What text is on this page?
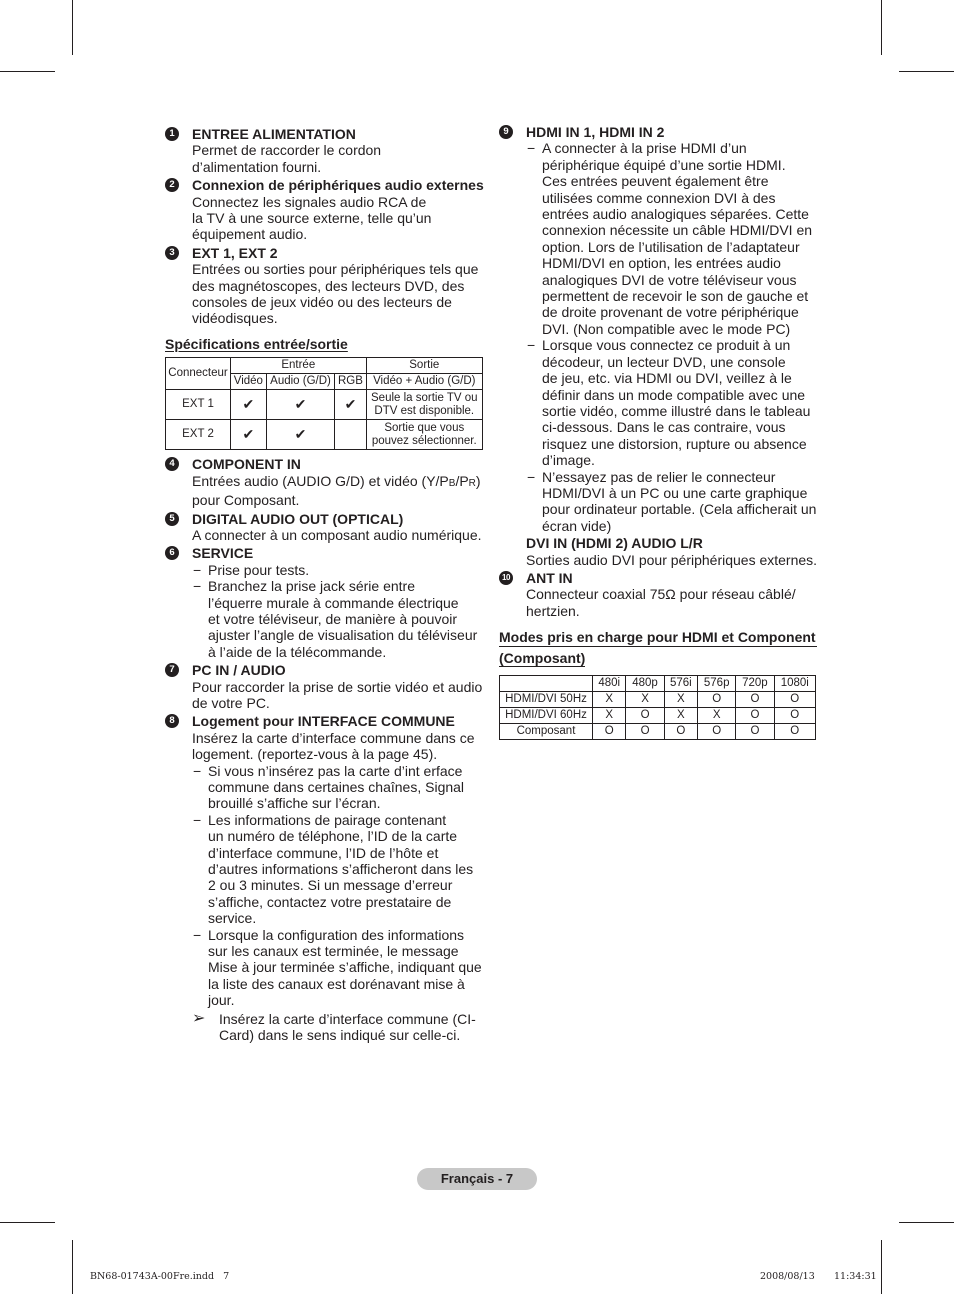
1	ENTREE ALIMENTATION
Permet de raccorder le cordon
d’alimentation fourni.
2	Connexion de périphériques audio externes
Connectez les signales audio RCA de
la TV à une source externe, telle qu’un
équipement audio.
3	EXT 1, EXT 2
Entrées ou sorties pour périphériques tels que
des magnétoscopes, des lecteurs DVD, des
consoles de jeux vidéo ou des lecteurs de
vidéodisques.
Spécifications entrée/sortie
Connecteur	Entrée			Sortie
	Vidéo	Audio (G/D)	RGB	Vidéo + Audio (G/D)
EXT 1	✔	✔	✔	Seule la sortie TV ou
DTV est disponible.

EXT 2	✔	✔		Sortie que vous
pouvez sélectionner.
4	COMPONENT IN
Entrées audio (AUDIO G/D) et vidéo (Y/PB/PR)
pour Composant.
5	DIGITAL AUDIO OUT (OPTICAL)
A connecter à un composant audio numérique.
6	SERVICE
− Prise pour tests.
− Branchez la prise jack série entre
l’équerre murale à commande électrique
et votre téléviseur, de manière à pouvoir
ajuster l’angle de visualisation du téléviseur
à l’aide de la télécommande.
7	PC IN / AUDIO
Pour raccorder la prise de sortie vidéo et audio
de votre PC.
8	Logement pour INTERFACE COMMUNE
Insérez la carte d’interface commune dans ce
logement. (reportez-vous à la page 45).
− Si vous n’insérez pas la carte d’int erface
commune dans certaines chaînes, Signal
brouillé s’affiche sur l’écran.
− Les informations de pairage contenant
un numéro de téléphone, l’ID de la carte
d’interface commune, l’ID de l’hôte et
d’autres informations s’afficheront dans les
2 ou 3 minutes. Si un message d’erreur
s’affiche, contactez votre prestataire de
service.
− Lorsque la configuration des informations
sur les canaux est terminée, le message
Mise à jour terminée s’affiche, indiquant que
la liste des canaux est dorénavant mise à
jour.
➢ Insérez la carte d’interface commune (CI-
Card) dans le sens indiqué sur celle-ci.
9	HDMI IN 1, HDMI IN 2
− A connecter à la prise HDMI d’un
périphérique équipé d’une sortie HDMI.
Ces entrées peuvent également être
utilisées comme connexion DVI à des
entrées audio analogiques séparées. Cette
connexion nécessite un câble HDMI/DVI en
option. Lors de l’utilisation de l’adaptateur
HDMI/DVI en option, les entrées audio
analogiques DVI de votre téléviseur vous
permettent de recevoir le son de gauche et
de droite provenant de votre périphérique
DVI. (Non compatible avec le mode PC)
− Lorsque vous connectez ce produit à un
décodeur, un lecteur DVD, une console
de jeu, etc. via HDMI ou DVI, veillez à le
définir dans un mode compatible avec une
sortie vidéo, comme illustré dans le tableau
ci-dessous. Dans le cas contraire, vous
risquez une distorsion, rupture ou absence
d’image.
− N’essayez pas de relier le connecteur
HDMI/DVI à un PC ou une carte graphique
pour ordinateur portable. (Cela afficherait un
écran vide)
DVI IN (HDMI 2) AUDIO L/R
Sorties audio DVI pour périphériques externes.
10 ANT IN
Connecteur coaxial 75Ω pour réseau câblé/
hertzien.
Modes pris en charge pour HDMI et Component
(Composant)
	480i	480p	576i	576p	720p	1080i
HDMI/DVI 50Hz	X	X	X	O	O	O
HDMI/DVI 60Hz	X	O	X	X	O	O
Composant	O	O	O	O	O	O
Français - 7
BN68-01743A-00Fre.indd   7	2008/08/13 11:34:31
